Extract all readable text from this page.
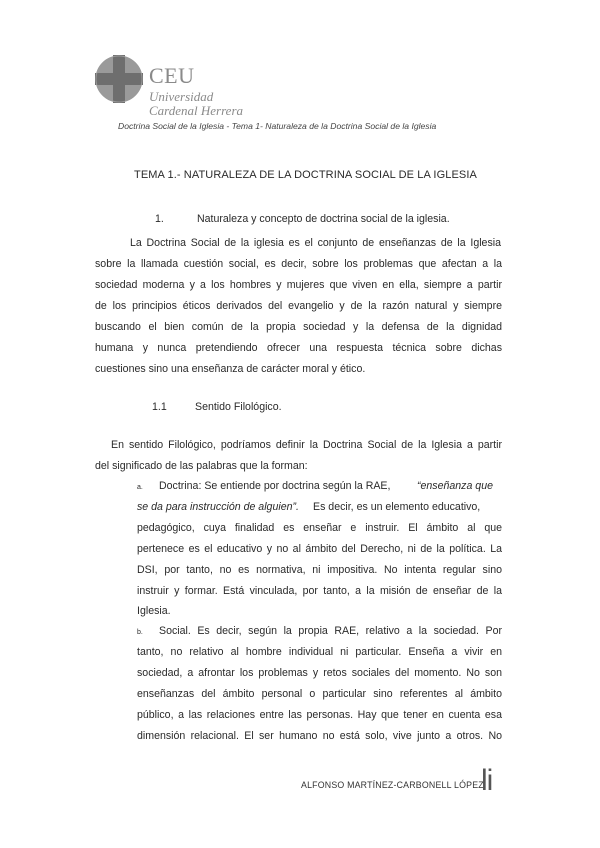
CEU
Universidad
Cardenal Herrera
Doctrina Social de la Iglesia - Tema 1- Naturaleza de la Doctrina Social de la Iglesia
TEMA 1.- NATURALEZA DE LA DOCTRINA SOCIAL DE LA IGLESIA
1.	Naturaleza y concepto de doctrina social de la iglesia.
La Doctrina Social de la iglesia es el conjunto de enseñanzas de la Iglesia
sobre la llamada cuestión social, es decir, sobre los problemas que afectan a la
sociedad moderna y a los hombres y mujeres que viven en ella, siempre a partir
de los principios éticos derivados del evangelio y de la razón natural y siempre
buscando el bien común de la propia sociedad y la defensa de la dignidad
humana y nunca pretendiendo ofrecer una respuesta técnica sobre dichas
cuestiones sino una enseñanza de carácter moral y ético.
1.1	Sentido Filológico.
En sentido Filológico, podríamos definir la Doctrina Social de la Iglesia a partir
del significado de las palabras que la forman:
a. Doctrina: Se entiende por doctrina según la RAE,	“enseñanza que
se da para instrucción de alguien”. Es decir, es un elemento educativo,
pedagógico, cuya finalidad es enseñar e instruir. El ámbito al que
pertenece es el educativo y no al ámbito del Derecho, ni de la política. La
DSI, por tanto, no es normativa, ni impositiva. No intenta regular sino
instruir y formar. Está vinculada, por tanto, a la misión de enseñar de la
Iglesia.
b. Social. Es decir, según la propia RAE, relativo a la sociedad. Por
tanto, no relativo al hombre individual ni particular. Enseña a vivir en
sociedad, a afrontar los problemas y retos sociales del momento. No son
enseñanzas del ámbito personal o particular sino referentes al ámbito
público, a las relaciones entre las personas. Hay que tener en cuenta esa
dimensión relacional. El ser humano no está solo, vive junto a otros. No
ALFONSO MARTÍNEZ-CARBONELL LÓPEZ
li
